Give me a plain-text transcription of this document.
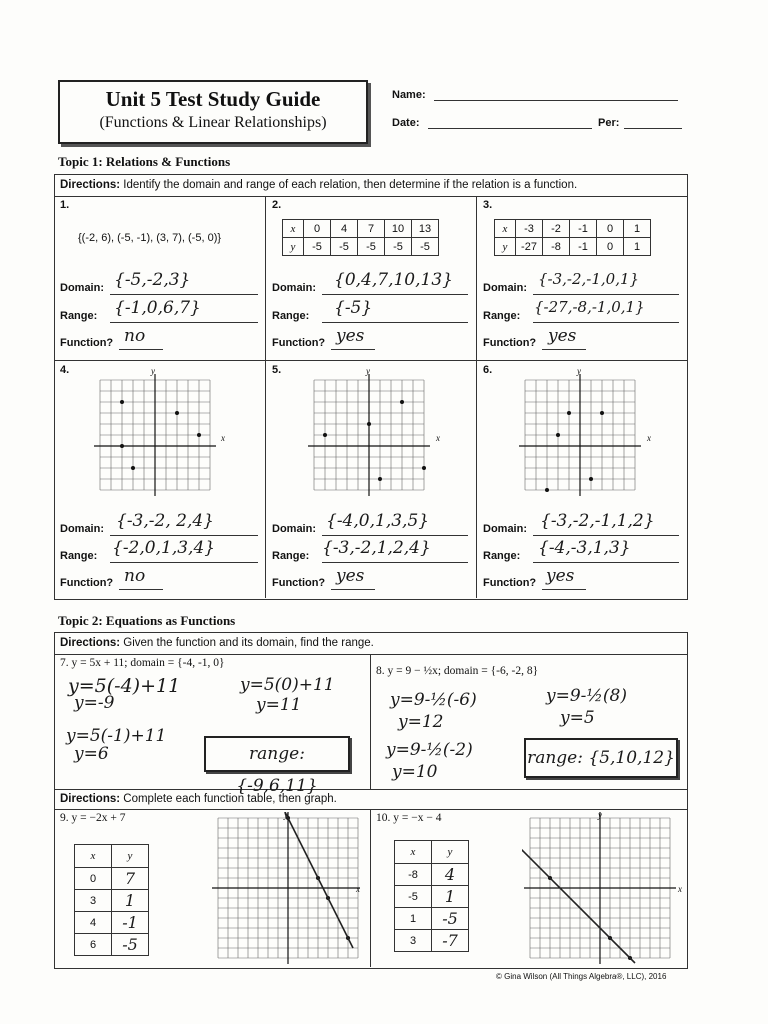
Unit 5 Test Study Guide
(Functions & Linear Relationships)
Name:
Date:	Per:
Topic 1: Relations & Functions
Directions: Identify the domain and range of each relation, then determine if the relation is a function.
1.
{(-2, 6), (-5, -1), (3, 7), (-5, 0)}
Domain: {-5,-2,3}
Range: {-1,0,6,7}
Function? no
2.
x	0	4	7	10	13
y	-5	-5	-5	-5	-5
Domain: {0,4,7,10,13}
Range: {-5}
Function? yes
3.
x	-3	-2	-1	0	1
y	-27	-8	-1	0	1
Domain: {-3,-2,-1,0,1}
Range: {-27,-8,-1,0,1}
Function? yes
4.	5.	6.
y
x
y
x
y
x
Domain: {-3,-2, 2,4}
Range: {-2,0,1,3,4}
Function? no
Domain: {-4,0,1,3,5}
Range: {-3,-2,1,2,4}
Function? yes
Domain: {-3,-2,-1,1,2}
Range: {-4,-3,1,3}
Function? yes
Topic 2: Equations as Functions
Directions: Given the function and its domain, find the range.
7. y = 5x + 11; domain = {-4, -1, 0}
y=5(-4)+11
y=-9
y=5(0)+11
y=11
y=5(-1)+11
y=6	range: {-9,6,11}
8. y = 9 − ½x; domain = {-6, -2, 8}
y=9-½(-6)
y=12
y=9-½(8)
y=5
y=9-½(-2)
y=10
range: {5,10,12}
Directions: Complete each function table, then graph.
9. y = −2x + 7
x	y
0	7
3	1
4	-1
6	-5
y
x
10. y = −x − 4
x	y
-8	4
-5	1
1	-5
3	-7
y
x
© Gina Wilson (All Things Algebra®, LLC), 2016
